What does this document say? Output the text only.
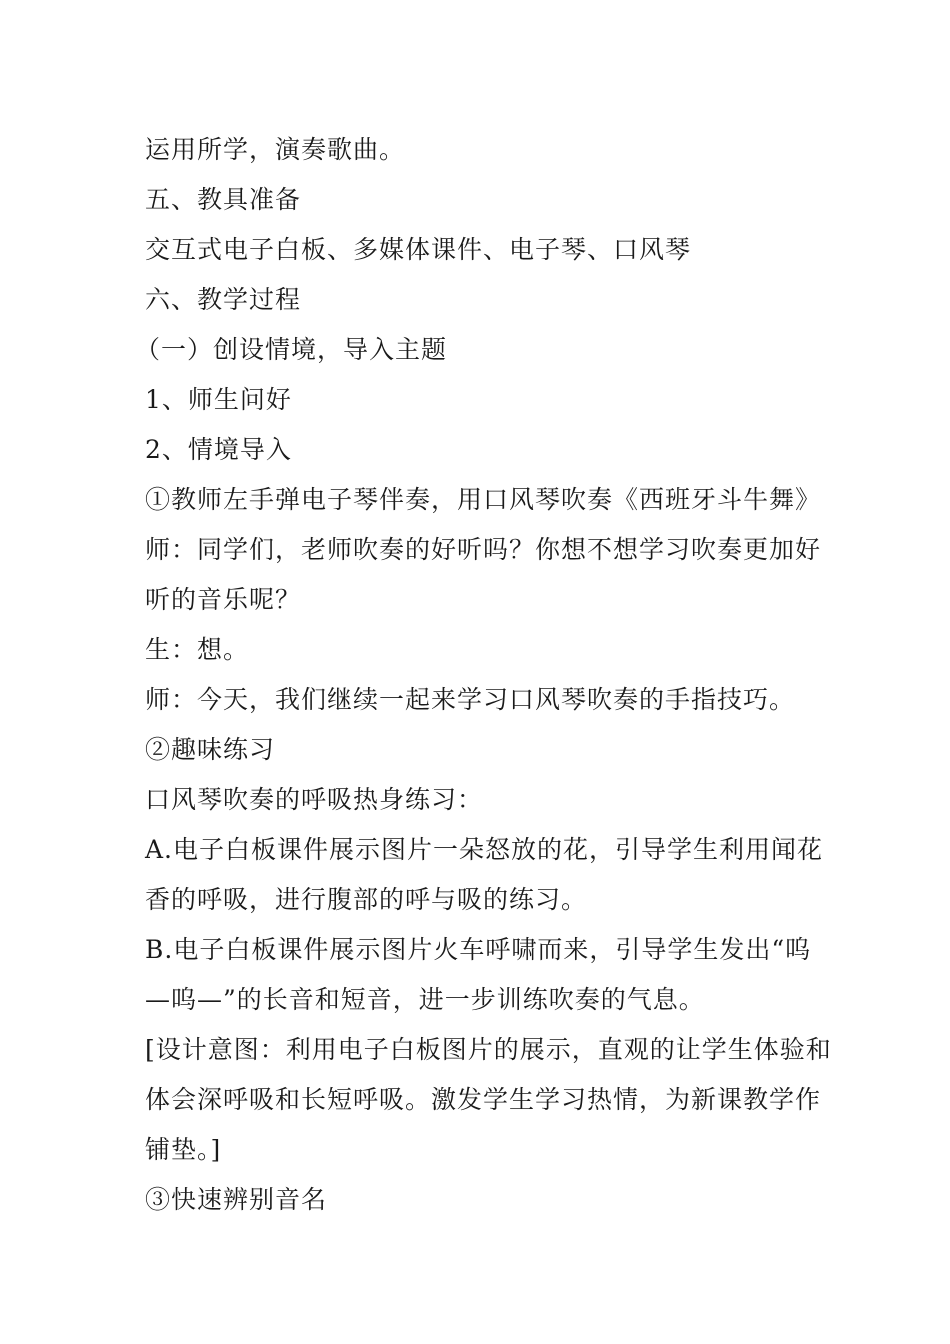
运用所学，演奏歌曲。
五、教具准备
交互式电子白板、多媒体课件、电子琴、口风琴
六、教学过程
（一）创设情境，导入主题
1、师生问好
2、情境导入
①教师左手弹电子琴伴奏，用口风琴吹奏《西班牙斗牛舞》
师：同学们，老师吹奏的好听吗？你想不想学习吹奏更加好
听的音乐呢？
生：想。
师：今天，我们继续一起来学习口风琴吹奏的手指技巧。
②趣味练习
口风琴吹奏的呼吸热身练习：
A.电子白板课件展示图片一朵怒放的花，引导学生利用闻花
香的呼吸，进行腹部的呼与吸的练习。
B.电子白板课件展示图片火车呼啸而来，引导学生发出“呜
—呜—”的长音和短音，进一步训练吹奏的气息。
[设计意图：利用电子白板图片的展示，直观的让学生体验和
体会深呼吸和长短呼吸。激发学生学习热情，为新课教学作
铺垫。]
③快速辨别音名
